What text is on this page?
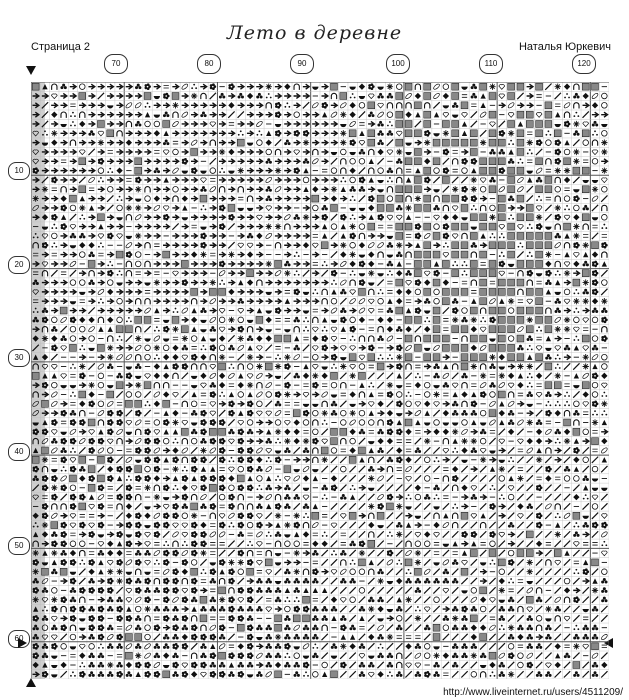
Лето в деревне
Страница 2	Наталья Юркевич
70	80	90	100	110	120
10
20
30
40
50
60
http://www.liveinternet.ru/users/4511209/
